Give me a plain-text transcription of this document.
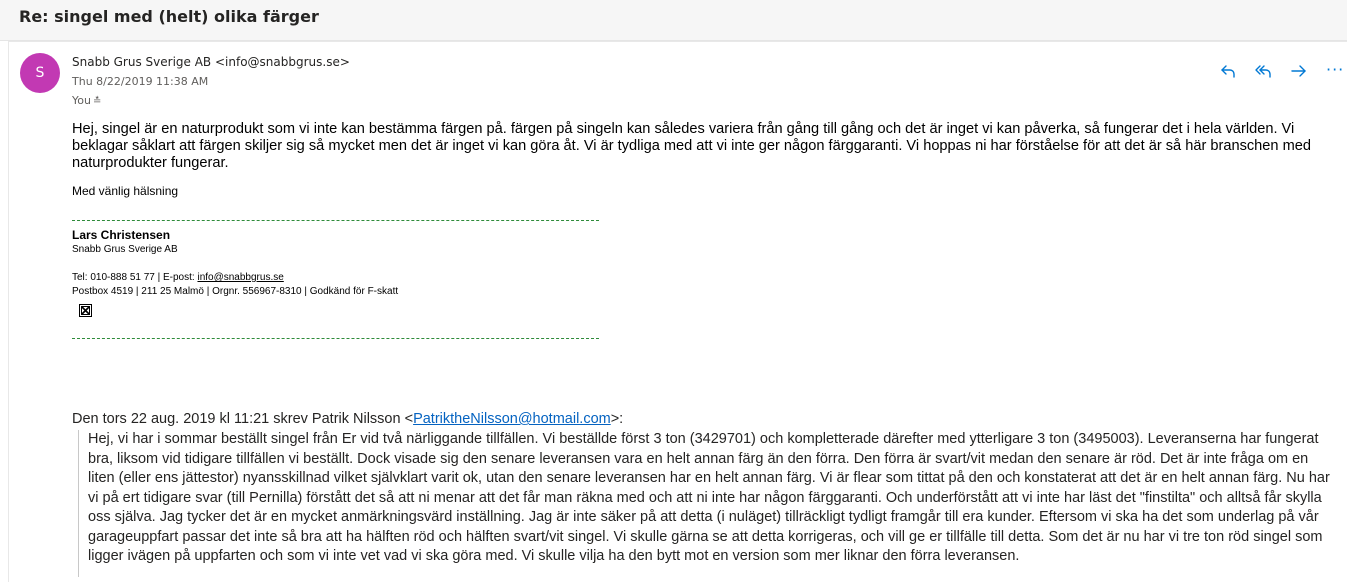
Re: singel med (helt) olika färger
S
Snabb Grus Sverige AB <info@snabbgrus.se>
Thu 8/22/2019 11:38 AM
You ≛
···
Hej, singel är en naturprodukt som vi inte kan bestämma färgen på. färgen på singeln kan således variera från gång till gång och det är inget vi kan påverka, så fungerar det i hela världen. Vi beklagar såklart att färgen skiljer sig så mycket men det är inget vi kan göra åt. Vi är tydliga med att vi inte ger någon färggaranti. Vi hoppas ni har förståelse för att det är så här branschen med naturprodukter fungerar.
Med vänlig hälsning
Lars Christensen
Snabb Grus Sverige AB
Tel: 010-888 51 77 | E-post: info@snabbgrus.se
Postbox 4519 | 211 25 Malmö | Orgnr. 556967-8310 | Godkänd för F-skatt
Den tors 22 aug. 2019 kl 11:21 skrev Patrik Nilsson <PatriktheNilsson@hotmail.com>:
Hej, vi har i sommar beställt singel från Er vid två närliggande tillfällen. Vi beställde först 3 ton (3429701) och kompletterade därefter med ytterligare 3 ton (3495003). Leveranserna har fungerat bra, liksom vid tidigare tillfällen vi beställt. Dock visade sig den senare leveransen vara en helt annan färg än den förra. Den förra är svart/vit medan den senare är röd. Det är inte fråga om en liten (eller ens jättestor) nyansskillnad vilket självklart varit ok, utan den senare leveransen har en helt annan färg. Vi är flear som tittat på den och konstaterat att det är en helt annan färg. Nu har vi på ert tidigare svar (till Pernilla) förstått det så att ni menar att det får man räkna med och att ni inte har någon färggaranti. Och underförstått att vi inte har läst det "finstilta" och alltså får skylla oss själva. Jag tycker det är en mycket anmärkningsvärd inställning. Jag är inte säker på att detta (i nuläget) tillräckligt tydligt framgår till era kunder. Eftersom vi ska ha det som underlag på vår garageuppfart passar det inte så bra att ha hälften röd och hälften svart/vit singel. Vi skulle gärna se att detta korrigeras, och vill ge er tillfälle till detta. Som det är nu har vi tre ton röd singel som ligger ivägen på uppfarten och som vi inte vet vad vi ska göra med. Vi skulle vilja ha den bytt mot en version som mer liknar den förra leveransen.
